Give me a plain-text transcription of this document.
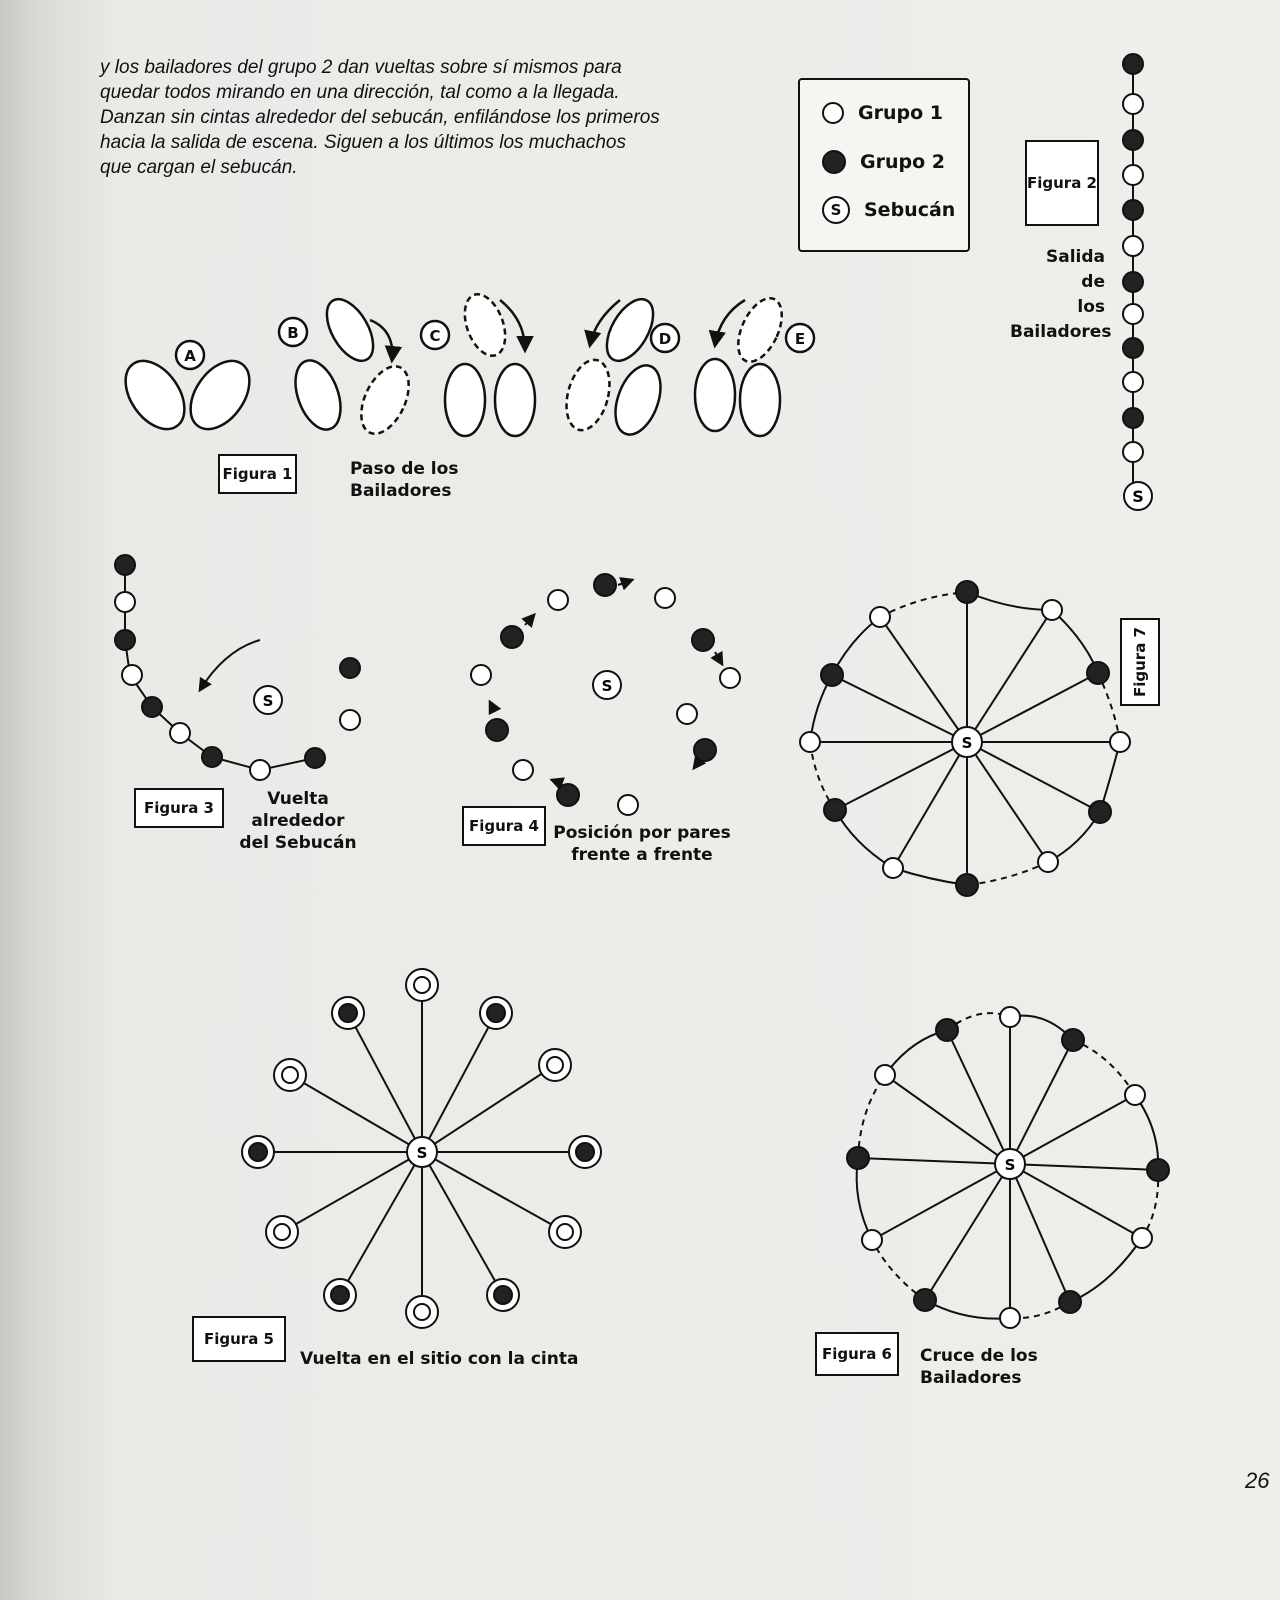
y los bailadores del grupo 2 dan vueltas sobre sí mismos para quedar todos mirando en una dirección, tal como a la llegada. Danzan sin cintas alrededor del sebucán, enfilándose los primeros hacia la salida de escena. Siguen a los últimos los muchachos que cargan el sebucán.
Grupo 1
Grupo 2
S	Sebucán
Figura 2
Salida
de
los
Bailadores
Figura 1	Paso de los Bailadores
Figura 3	Vuelta alrededor
del Sebucán
Figura 4 Posición por pares
frente a frente
Figura 7
Figura 5
Vuelta en el sitio con la cinta	Figura 6	Cruce de los Bailadores
26
S
A
B	C	D	E
S
S
S
S
S
